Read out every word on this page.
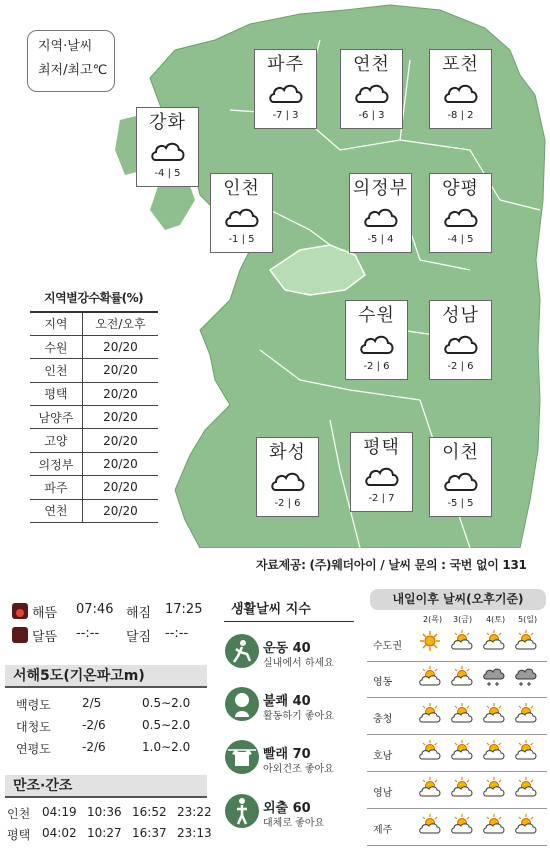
지역·날씨
최저/최고℃	파주
-7 | 3
연천
-6 | 3
포천
-8 | 2
강화
-4 | 5
인천
-1 | 5
의정부
-5 | 4
양평
-4 | 5
수원
-2 | 6
성남
-2 | 6
화성
-2 | 6
평택
-2 | 7
이천
-5 | 5
지역별강수확률(%)
지역	오전/오후
수원	20/20
인천	20/20
평택	20/20
남양주	20/20
고양	20/20
의정부	20/20
파주	20/20
연천	20/20
자료제공: (주)웨더아이 / 날씨 문의 : 국번 없이 131
해뜸 07:46 해짐 17:25
달뜸 --:-- 달짐 --:--
서해5도(기온파고m)
백령도	2/5	0.5∼2.0
대청도	-2/6	0.5∼2.0
연평도	-2/6	1.0∼2.0
만조·간조
인천 04:19 10:36 16:52 23:22
평택 04:02 10:27 16:37 23:13
생활날씨 지수
운동 40
실내에서 하세요
불쾌 40
활동하기 좋아요
빨래 70
아외건조 좋아요
외출 60
대체로 좋아요
내일이후 날씨(오후기준)
2(목) 3(금) 4(토) 5(일)
수도권
영동
충청
호남
영남
제주
